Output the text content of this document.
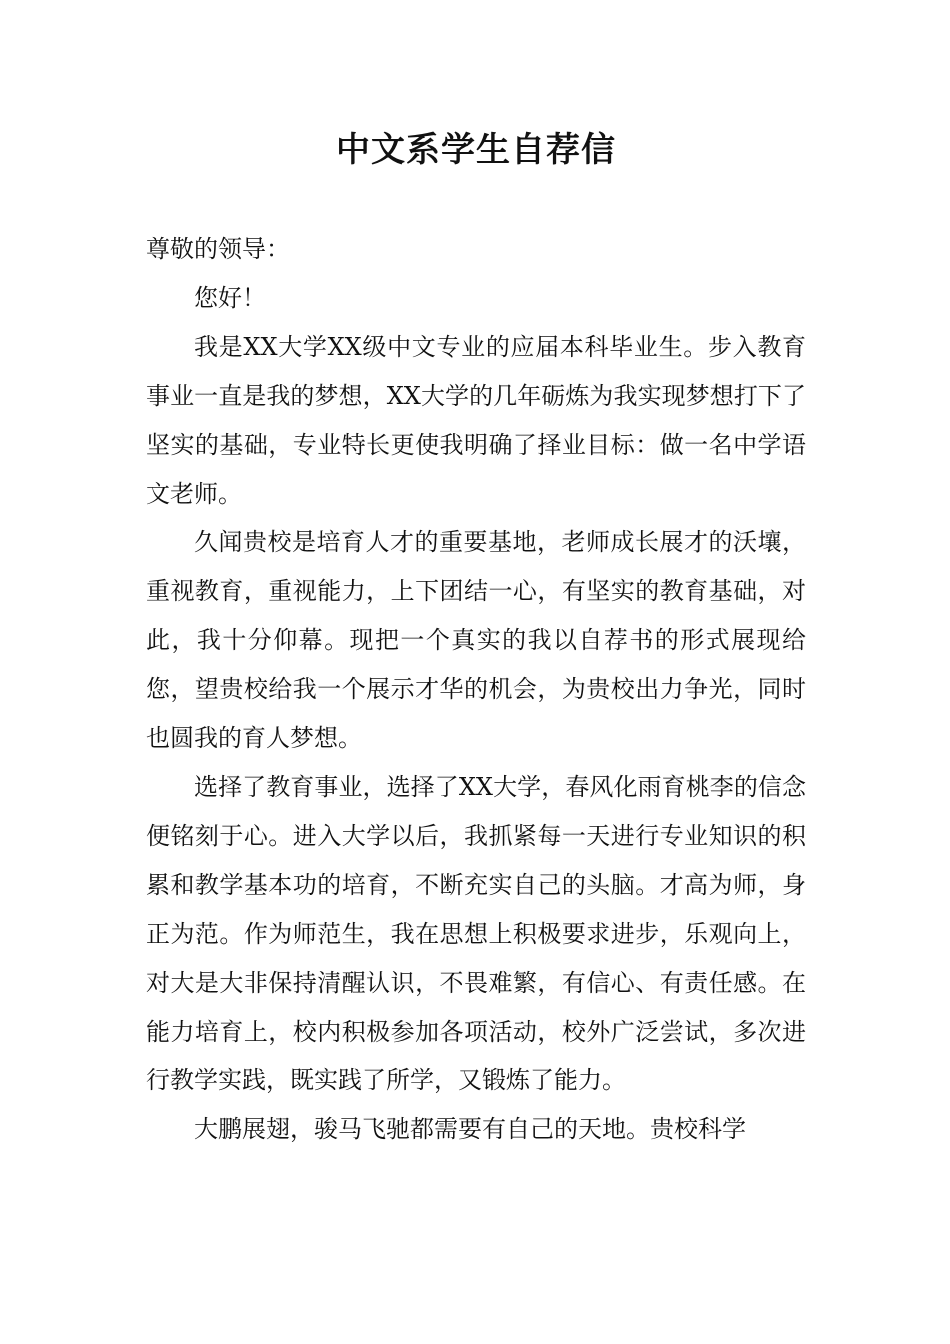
中文系学生自荐信

尊敬的领导：

您好！

我是XX大学XX级中文专业的应届本科毕业生。步入教育事业一直是我的梦想，XX大学的几年砺炼为我实现梦想打下了坚实的基础，专业特长更使我明确了择业目标：做一名中学语文老师。

久闻贵校是培育人才的重要基地，老师成长展才的沃壤，重视教育，重视能力，上下团结一心，有坚实的教育基础，对此，我十分仰幕。现把一个真实的我以自荐书的形式展现给您，望贵校给我一个展示才华的机会，为贵校出力争光，同时也圆我的育人梦想。

选择了教育事业，选择了XX大学，春风化雨育桃李的信念便铭刻于心。进入大学以后，我抓紧每一天进行专业知识的积累和教学基本功的培育，不断充实自己的头脑。才高为师，身正为范。作为师范生，我在思想上积极要求进步，乐观向上，对大是大非保持清醒认识，不畏难繁，有信心、有责任感。在能力培育上，校内积极参加各项活动，校外广泛尝试，多次进行教学实践，既实践了所学，又锻炼了能力。

大鹏展翅，骏马飞驰都需要有自己的天地。贵校科学
